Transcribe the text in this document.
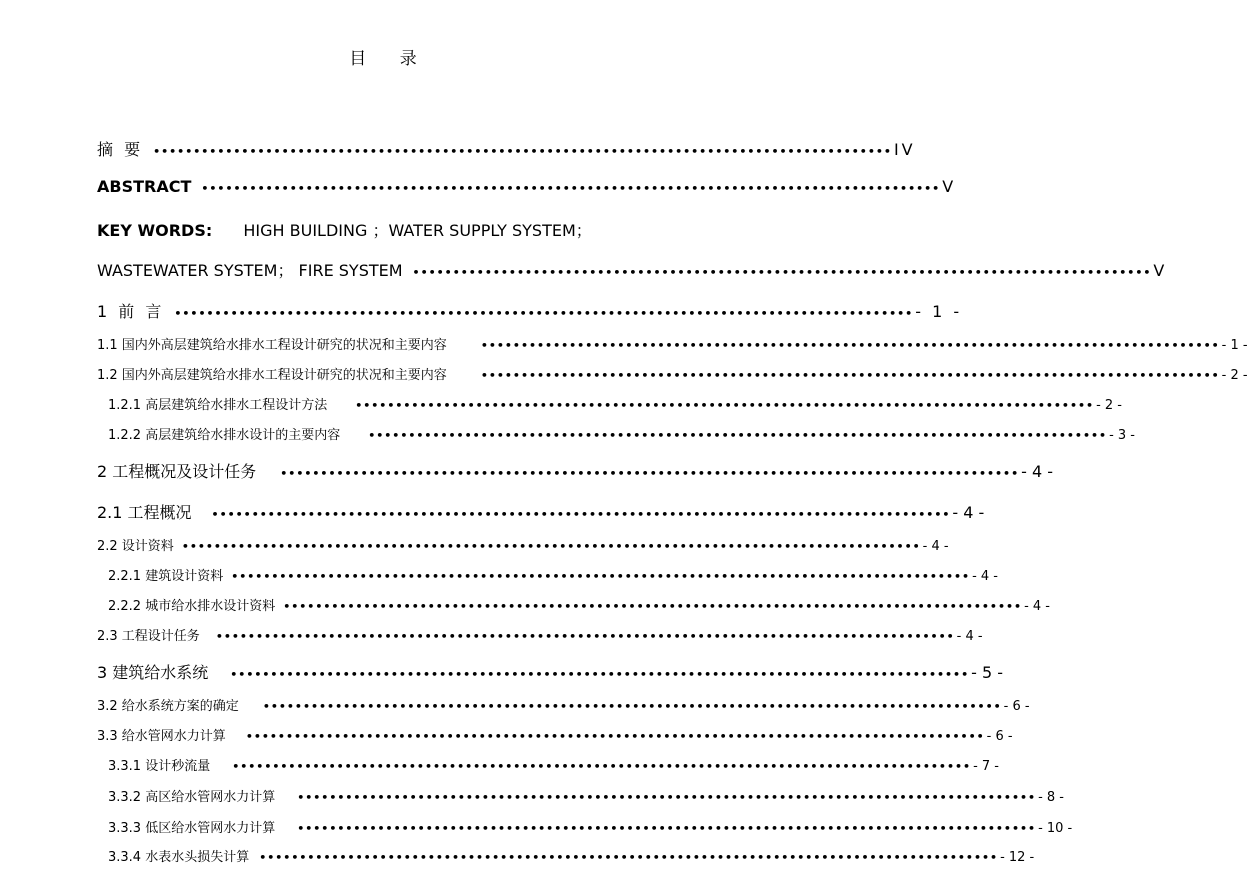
目 录
摘 要 •••••••••••••••••••••••••••••••••••••••••••••••••••••••••••••••••••••••••••••••••••••••••••• IV
ABSTRACT •••••••••••••••••••••••••••••••••••••••••••••••••••••••••••••••••••••••••••••••••••••••••••• V
KEY WORDS: HIGH BUILDING ；WATER SUPPLY SYSTEM；
WASTEWATER SYSTEM； FIRE SYSTEM •••••••••••••••••••••••••••••••••••••••••••••••••••••••••••••••••••••••••••••••••••••••••••• V
1 前 言 •••••••••••••••••••••••••••••••••••••••••••••••••••••••••••••••••••••••••••••••••••••••••••• - 1 -
1.1 国内外高层建筑给水排水工程设计研究的状况和主要内容	•••••••••••••••••••••••••••••••••••••••••••••••••••••••••••••••••••••••••••••••••••••••••••• - 1 -
1.2 国内外高层建筑给水排水工程设计研究的状况和主要内容	•••••••••••••••••••••••••••••••••••••••••••••••••••••••••••••••••••••••••••••••••••••••••••• - 2 -
1.2.1 高层建筑给水排水工程设计方法	•••••••••••••••••••••••••••••••••••••••••••••••••••••••••••••••••••••••••••••••••••••••••••• - 2 -
1.2.2 高层建筑给水排水设计的主要内容	•••••••••••••••••••••••••••••••••••••••••••••••••••••••••••••••••••••••••••••••••••••••••••• - 3 -
2 工程概况及设计任务 •••••••••••••••••••••••••••••••••••••••••••••••••••••••••••••••••••••••••••••••••••••••••••• - 4 -
2.1 工程概况 •••••••••••••••••••••••••••••••••••••••••••••••••••••••••••••••••••••••••••••••••••••••••••• - 4 -
2.2 设计资料 •••••••••••••••••••••••••••••••••••••••••••••••••••••••••••••••••••••••••••••••••••••••••••• - 4 -
2.2.1 建筑设计资料 •••••••••••••••••••••••••••••••••••••••••••••••••••••••••••••••••••••••••••••••••••••••••••• - 4 -
2.2.2 城市给水排水设计资料 •••••••••••••••••••••••••••••••••••••••••••••••••••••••••••••••••••••••••••••••••••••••••••• - 4 -
2.3 工程设计任务 •••••••••••••••••••••••••••••••••••••••••••••••••••••••••••••••••••••••••••••••••••••••••••• - 4 -
3 建筑给水系统 •••••••••••••••••••••••••••••••••••••••••••••••••••••••••••••••••••••••••••••••••••••••••••• - 5 -
3.2 给水系统方案的确定 •••••••••••••••••••••••••••••••••••••••••••••••••••••••••••••••••••••••••••••••••••••••••••• - 6 -
3.3 给水管网水力计算 •••••••••••••••••••••••••••••••••••••••••••••••••••••••••••••••••••••••••••••••••••••••••••• - 6 -
3.3.1 设计秒流量 •••••••••••••••••••••••••••••••••••••••••••••••••••••••••••••••••••••••••••••••••••••••••••• - 7 -
3.3.2 高区给水管网水力计算 •••••••••••••••••••••••••••••••••••••••••••••••••••••••••••••••••••••••••••••••••••••••••••• - 8 -
3.3.3 低区给水管网水力计算 •••••••••••••••••••••••••••••••••••••••••••••••••••••••••••••••••••••••••••••••••••••••••••• - 10 -
3.3.4 水表水头损失计算 •••••••••••••••••••••••••••••••••••••••••••••••••••••••••••••••••••••••••••••••••••••••••••• - 12 -
